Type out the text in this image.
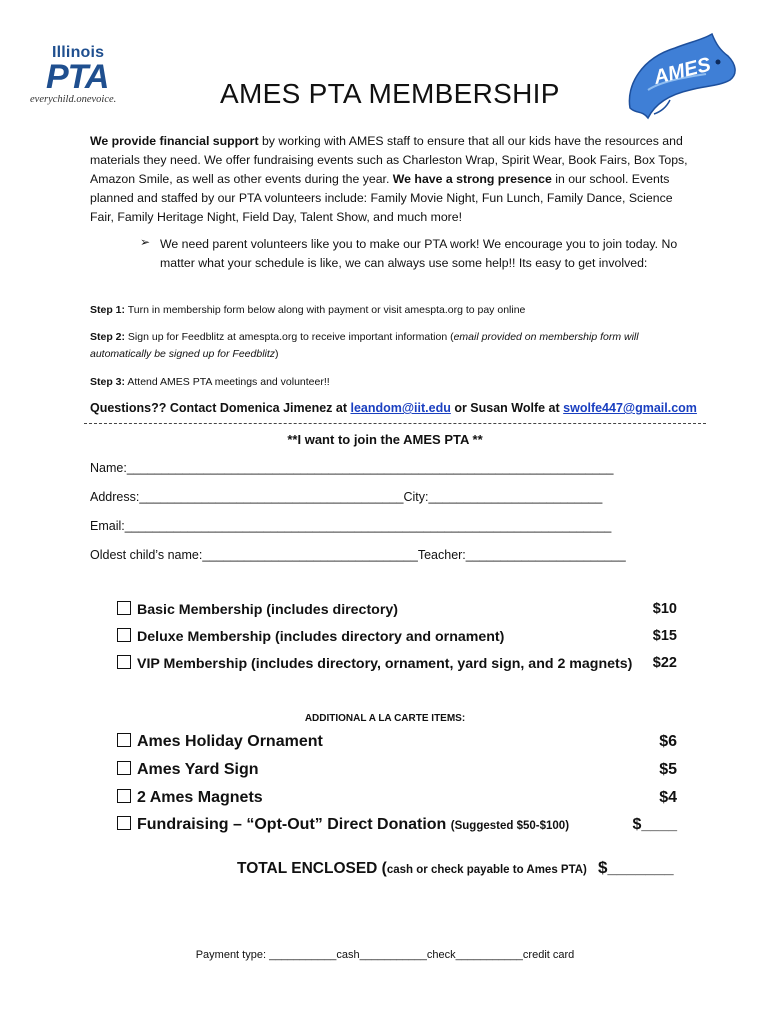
Illinois
PTA
everychild.onevoice.
AMES
AMES PTA MEMBERSHIP
We provide financial support by working with AMES staff to ensure that all our kids have the resources and materials they need. We offer fundraising events such as Charleston Wrap, Spirit Wear, Book Fairs, Box Tops, Amazon Smile, as well as other events during the year. We have a strong presence in our school. Events planned and staffed by our PTA volunteers include: Family Movie Night, Fun Lunch, Family Dance, Science Fair, Family Heritage Night, Field Day, Talent Show, and much more!
➢ We need parent volunteers like you to make our PTA work! We encourage you to join today. No matter what your schedule is like, we can always use some help!! Its easy to get involved:
Step 1: Turn in membership form below along with payment or visit amespta.org to pay online
Step 2: Sign up for Feedblitz at amespta.org to receive important information (email provided on membership form will automatically be signed up for Feedblitz)
Step 3: Attend AMES PTA meetings and volunteer!!
Questions?? Contact Domenica Jimenez at leandom@iit.edu or Susan Wolfe at swolfe447@gmail.com
**I want to join the AMES PTA **
Name:______________________________________________________________________
Address:______________________________________City:_________________________
Email:______________________________________________________________________
Oldest child’s name:_______________________________Teacher:_______________________
Basic Membership (includes directory)	$10
Deluxe Membership (includes directory and ornament)	$15
VIP Membership (includes directory, ornament, yard sign, and 2 magnets)	$22
ADDITIONAL A LA CARTE ITEMS:
Ames Holiday Ornament	$6
Ames Yard Sign	$5
2 Ames Magnets	$4
Fundraising – “Opt-Out” Direct Donation (Suggested $50-$100)	$____
TOTAL ENCLOSED (cash or check payable to Ames PTA) $_______
Payment type: ___________cash___________check___________credit card
